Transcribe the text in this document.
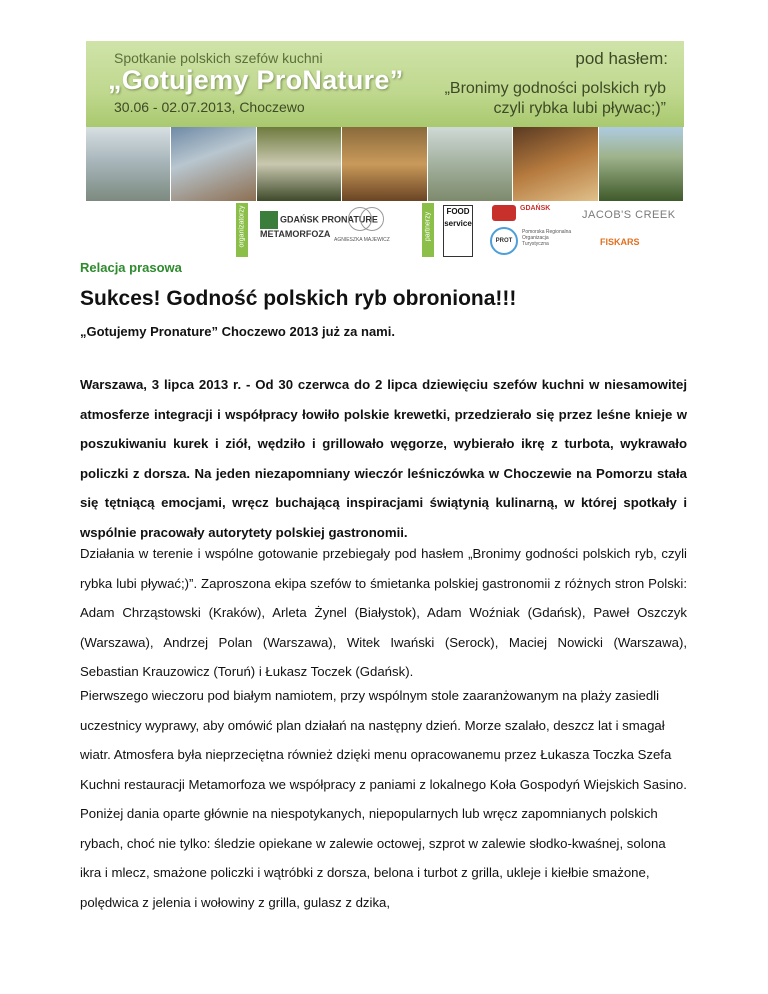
Spotkanie polskich szefów kuchni
„Gotujemy ProNature”
30.06 - 02.07.2013, Choczewo
pod hasłem:
„Bronimy godności polskich ryb
czyli rybka lubi pływac;)”
organizatorzy	GDAŃSK PRONATURE
METAMORFOZA
AGNIESZKA MAJEWICZ	partnerzy
FOOD service
GDAŃSK
PROT
Pomorska Regionalna Organizacja Turystyczna
JACOB'S CREEK
FISKARS
Relacja prasowa
Sukces! Godność polskich ryb obroniona!!!
„Gotujemy Pronature” Choczewo 2013 już za nami.
Warszawa, 3 lipca 2013 r. - Od 30 czerwca do 2 lipca dziewięciu szefów kuchni w niesamowitej atmosferze integracji i współpracy łowiło polskie krewetki, przedzierało się przez leśne knieje w poszukiwaniu kurek i ziół, wędziło i grillowało węgorze, wybierało ikrę z turbota, wykrawało policzki z dorsza. Na jeden niezapomniany wieczór leśniczówka w Choczewie na Pomorzu stała się tętniącą emocjami, wręcz buchającą inspiracjami świątynią kulinarną, w której spotkały i wspólnie pracowały autorytety polskiej gastronomii.
Działania w terenie i wspólne gotowanie przebiegały pod hasłem „Bronimy godności polskich ryb, czyli rybka lubi pływać;)”. Zaproszona ekipa szefów to śmietanka polskiej gastronomii z różnych stron Polski: Adam Chrząstowski (Kraków), Arleta Żynel (Białystok), Adam Woźniak (Gdańsk), Paweł Oszczyk (Warszawa), Andrzej Polan (Warszawa), Witek Iwański (Serock), Maciej Nowicki (Warszawa), Sebastian Krauzowicz (Toruń) i Łukasz Toczek (Gdańsk).
Pierwszego wieczoru pod białym namiotem, przy wspólnym stole zaaranżowanym na plaży zasiedli uczestnicy wyprawy, aby omówić plan działań na następny dzień. Morze szalało, deszcz lat i smagał wiatr. Atmosfera była nieprzeciętna również dzięki menu opracowanemu przez Łukasza Toczka Szefa Kuchni restauracji Metamorfoza we współpracy z paniami z lokalnego Koła Gospodyń Wiejskich Sasino. Poniżej dania oparte głównie na niespotykanych, niepopularnych lub wręcz zapomnianych polskich rybach, choć nie tylko: śledzie opiekane w zalewie octowej, szprot w zalewie słodko-kwaśnej, solona ikra i mlecz, smażone policzki i wątróbki z dorsza, belona i turbot z grilla, ukleje i kiełbie smażone, polędwica z jelenia i wołowiny z grilla, gulasz z dzika,
